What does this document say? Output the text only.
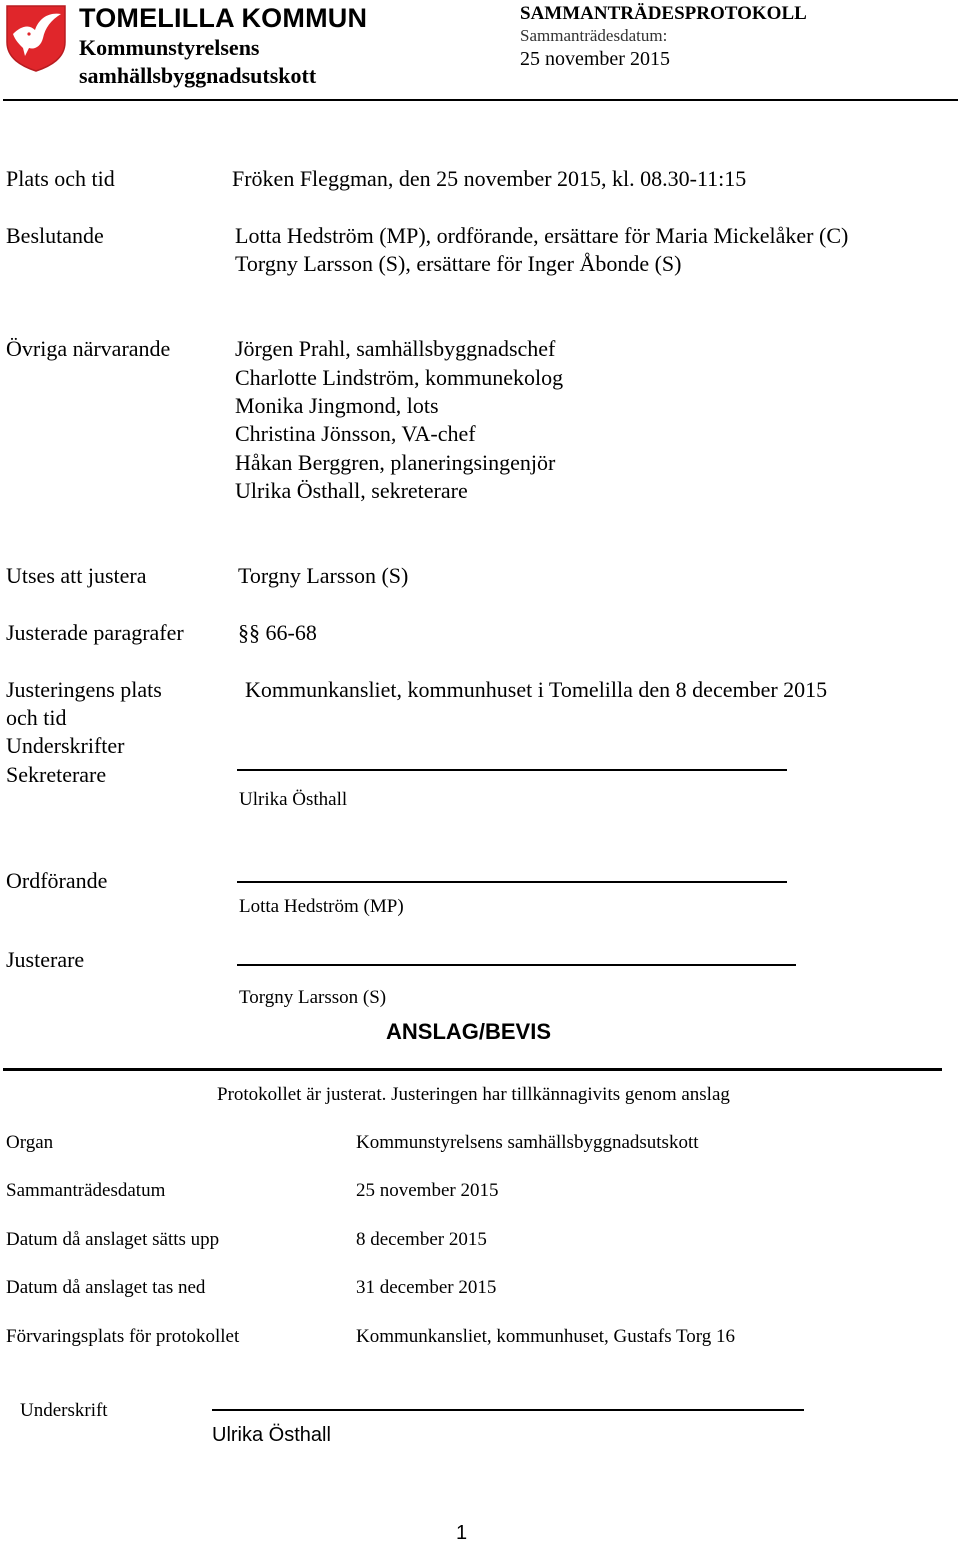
TOMELILLA KOMMUN
Kommunstyrelsens
samhällsbyggnadsutskott
SAMMANTRÄDESPROTOKOLL
Sammanträdesdatum:
25 november 2015
Plats och tid	Fröken Fleggman, den 25 november 2015, kl. 08.30-11:15
Beslutande	Lotta Hedström (MP), ordförande, ersättare för Maria Mickelåker (C)
Torgny Larsson (S), ersättare för Inger Åbonde (S)
Övriga närvarande	Jörgen Prahl, samhällsbyggnadschef
Charlotte Lindström, kommunekolog
Monika Jingmond, lots
Christina Jönsson, VA-chef
Håkan Berggren, planeringsingenjör
Ulrika Östhall, sekreterare
Utses att justera	Torgny Larsson (S)
Justerade paragrafer §§ 66-68
Justeringens plats
och tid
Kommunkansliet, kommunhuset i Tomelilla den 8 december 2015
Underskrifter
Sekreterare
Ulrika Östhall
Ordförande
Lotta Hedström (MP)
Justerare
Torgny Larsson (S)
ANSLAG/BEVIS
Protokollet är justerat. Justeringen har tillkännagivits genom anslag
Organ	Kommunstyrelsens samhällsbyggnadsutskott
Sammanträdesdatum	25 november 2015
Datum då anslaget sätts upp	8 december 2015
Datum då anslaget tas ned	31 december 2015
Förvaringsplats för protokollet	Kommunkansliet, kommunhuset, Gustafs Torg 16
Underskrift
Ulrika Östhall
1
